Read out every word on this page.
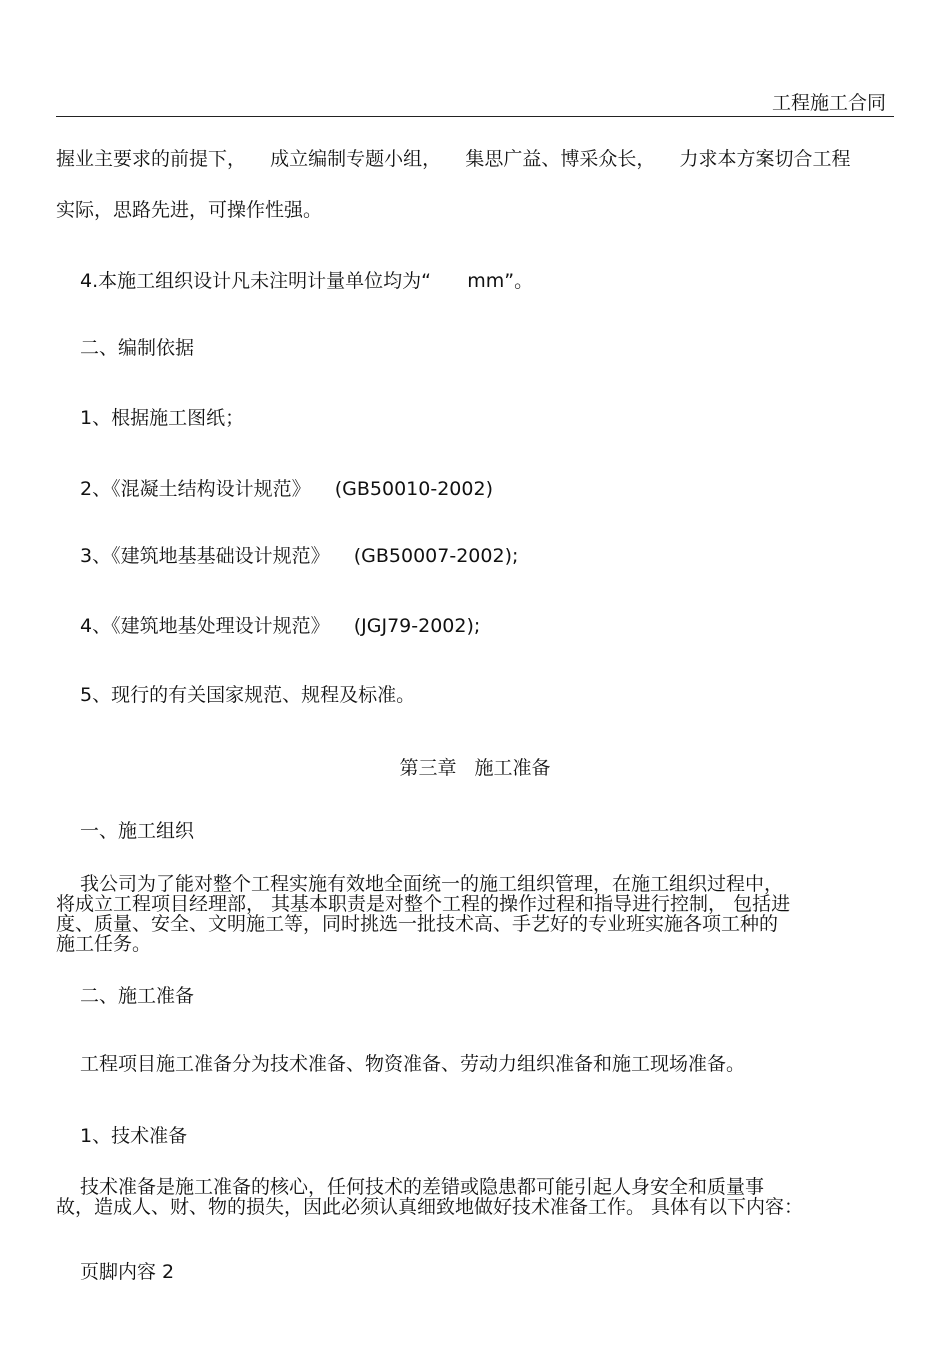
工程施工合同
握业主要求的前提下，    成立编制专题小组，    集思广益、博采众长，    力求本方案切合工程
实际，思路先进，可操作性强。
4.本施工组织设计凡未注明计量单位均为“      mm”。
二、编制依据
1、根据施工图纸；
2、《混凝土结构设计规范》    (GB50010-2002)
3、《建筑地基基础设计规范》    (GB50007-2002);
4、《建筑地基处理设计规范》    (JGJ79-2002);
5、现行的有关国家规范、规程及标准。
第三章   施工准备
一、施工组织
我公司为了能对整个工程实施有效地全面统一的施工组织管理，在施工组织过程中，
将成立工程项目经理部， 其基本职责是对整个工程的操作过程和指导进行控制， 包括进
度、质量、安全、文明施工等，同时挑选一批技术高、手艺好的专业班实施各项工种的
施工任务。
二、施工准备
工程项目施工准备分为技术准备、物资准备、劳动力组织准备和施工现场准备。
1、技术准备
技术准备是施工准备的核心，任何技术的差错或隐患都可能引起人身安全和质量事
故，造成人、财、物的损失，因此必须认真细致地做好技术准备工作。 具体有以下内容：
页脚内容 2
